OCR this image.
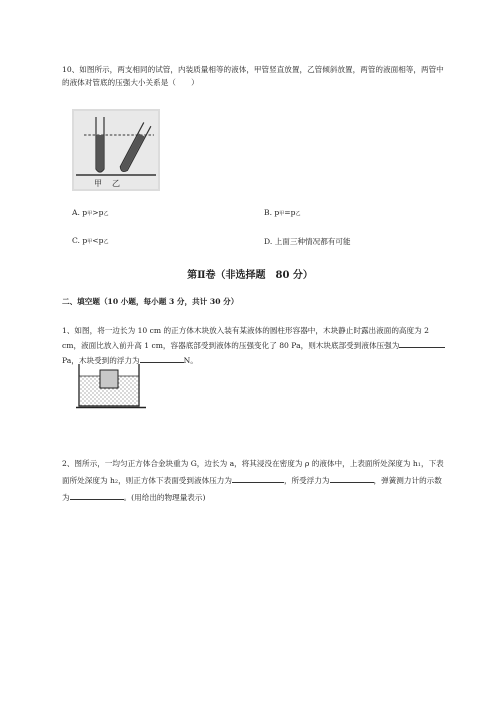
10、如图所示，两支相同的试管，内装质量相等的液体，甲管竖直放置，乙管倾斜放置，两管的液面相等，两管中的液体对管底的压强大小关系是（　　）

甲 乙
A. p甲>p乙	B. p甲=p乙
C. p甲<p乙	D. 上面三种情况都有可能
第Ⅱ卷（非选择题　80 分）
二、填空题（10 小题，每小题 3 分，共计 30 分）

1、如图，将一边长为 10 cm 的正方体木块放入装有某液体的圆柱形容器中，木块静止时露出液面的高度为 2 cm，液面比放入前升高 1 cm，容器底部受到液体的压强变化了 80 Pa，则木块底部受到液体压强为Pa，木块受到的浮力为	N。

2、图所示，一均匀正方体合金块重为 G，边长为 a，将其浸没在密度为 ρ 的液体中，上表面所处深度为 h1，下表面所处深度为 h2，则正方体下表面受到液体压力为	，所受浮力为	，弹簧测力计的示数为	。(用给出的物理量表示)
